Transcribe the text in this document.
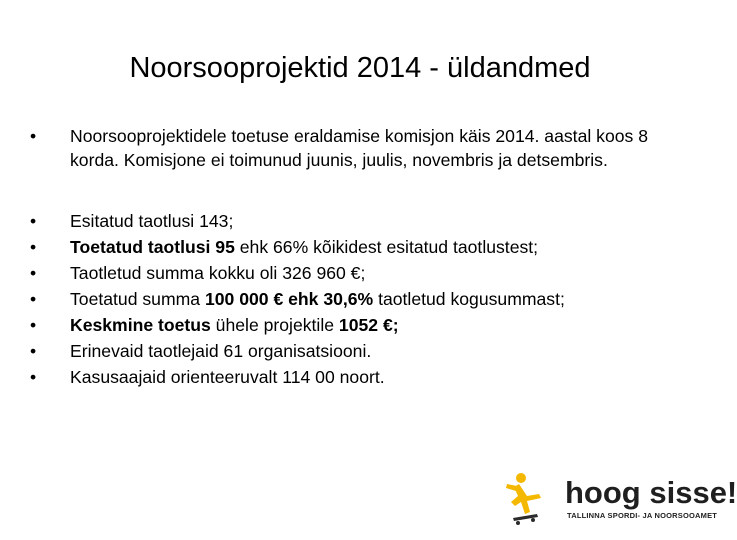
Noorsooprojektid 2014 - üldandmed
•	Noorsooprojektidele toetuse eraldamise komisjon käis 2014. aastal koos 8 korda. Komisjone ei toimunud juunis, juulis, novembris ja detsembris.
•	Esitatud taotlusi 143;
•	Toetatud taotlusi 95 ehk 66% kõikidest esitatud taotlustest;
•	Taotletud summa kokku oli 326 960 €;
•	Toetatud summa 100 000 € ehk 30,6% taotletud kogusummast;
•	Keskmine toetus ühele projektile 1052 €;
•	Erinevaid taotlejaid 61 organisatsiooni.
•	Kasusaajaid orienteeruvalt 114 00 noort.
hoog sisse!
TALLINNA SPORDI- JA NOORSOOAMET
